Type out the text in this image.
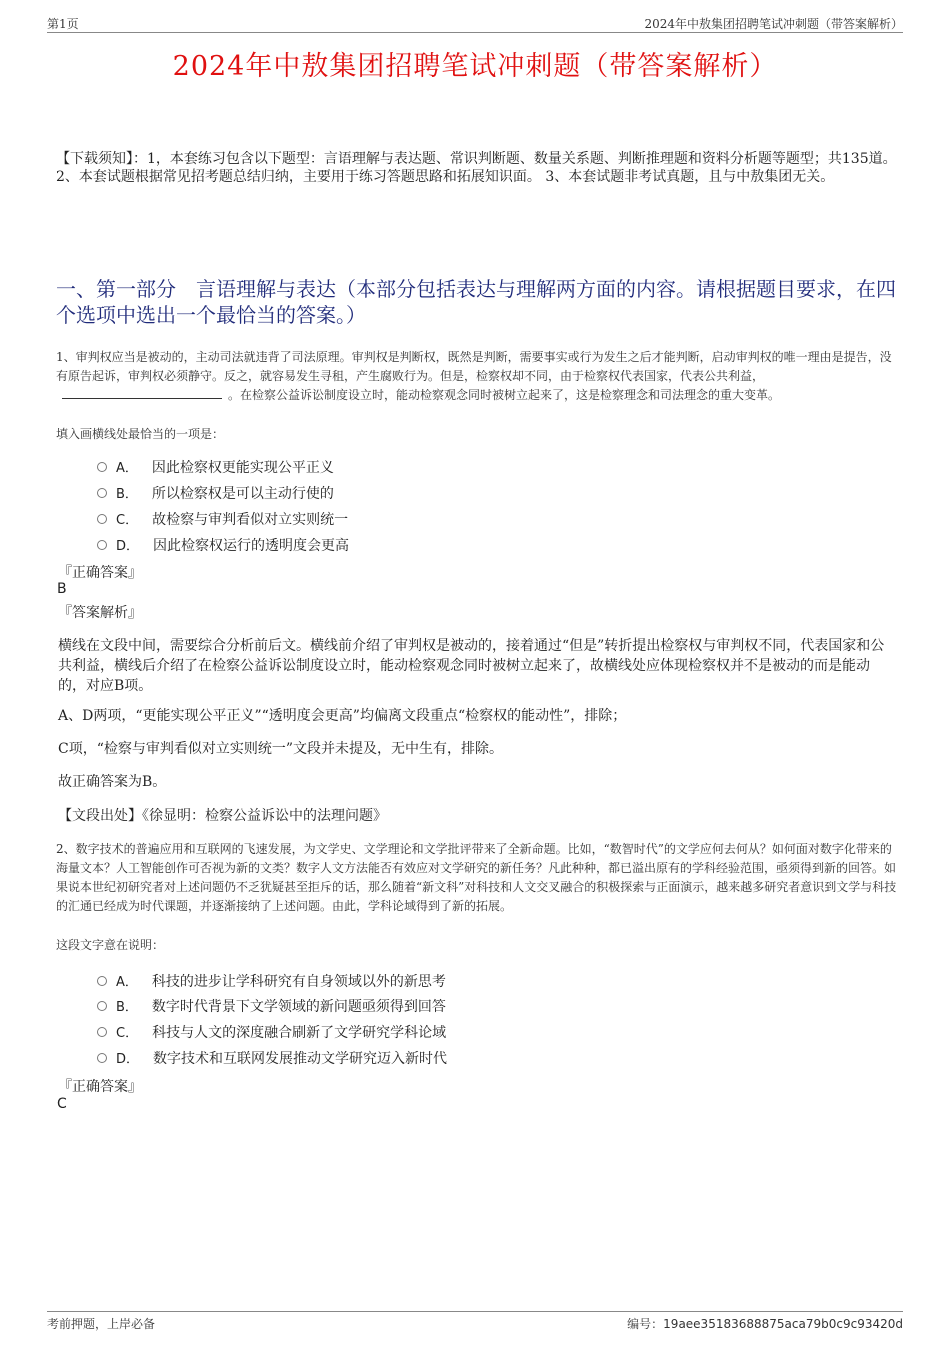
第1页	2024年中敖集团招聘笔试冲刺题（带答案解析）
2024年中敖集团招聘笔试冲刺题（带答案解析）
【下载须知】：1，本套练习包含以下题型：言语理解与表达题、常识判断题、数量关系题、判断推理题和资料分析题等题型；共135道。 2、本套试题根据常见招考题总结归纳，主要用于练习答题思路和拓展知识面。 3、本套试题非考试真题，且与中敖集团无关。
一、第一部分　言语理解与表达（本部分包括表达与理解两方面的内容。请根据题目要求，在四个选项中选出一个最恰当的答案。）
1、审判权应当是被动的，主动司法就违背了司法原理。审判权是判断权，既然是判断，需要事实或行为发生之后才能判断，启动审判权的唯一理由是提告，没有原告起诉，审判权必须静守。反之，就容易发生寻租，产生腐败行为。但是，检察权却不同，由于检察权代表国家，代表公共利益，。在检察公益诉讼制度设立时，能动检察观念同时被树立起来了，这是检察理念和司法理念的重大变革。
填入画横线处最恰当的一项是：
A． 因此检察权更能实现公平正义
B． 所以检察权是可以主动行使的
C． 故检察与审判看似对立实则统一
D． 因此检察权运行的透明度会更高
『正确答案』
B
『答案解析』
横线在文段中间，需要综合分析前后文。横线前介绍了审判权是被动的，接着通过“但是”转折提出检察权与审判权不同，代表国家和公共利益，横线后介绍了在检察公益诉讼制度设立时，能动检察观念同时被树立起来了，故横线处应体现检察权并不是被动的而是能动的，对应B项。
A、D两项，“更能实现公平正义”“透明度会更高”均偏离文段重点“检察权的能动性”，排除；
C项，“检察与审判看似对立实则统一”文段并未提及，无中生有，排除。
故正确答案为B。
【文段出处】《徐显明：检察公益诉讼中的法理问题》
2、数字技术的普遍应用和互联网的飞速发展，为文学史、文学理论和文学批评带来了全新命题。比如，“数智时代”的文学应何去何从？如何面对数字化带来的海量文本？人工智能创作可否视为新的文类？数字人文方法能否有效应对文学研究的新任务？凡此种种，都已溢出原有的学科经验范围，亟须得到新的回答。如果说本世纪初研究者对上述问题仍不乏犹疑甚至拒斥的话，那么随着“新文科”对科技和人文交叉融合的积极探索与正面演示，越来越多研究者意识到文学与科技的汇通已经成为时代课题，并逐渐接纳了上述问题。由此，学科论域得到了新的拓展。
这段文字意在说明：
A． 科技的进步让学科研究有自身领域以外的新思考
B． 数字时代背景下文学领域的新问题亟须得到回答
C． 科技与人文的深度融合刷新了文学研究学科论域
D． 数字技术和互联网发展推动文学研究迈入新时代
『正确答案』
C
考前押题，上岸必备	编号：19aee35183688875aca79b0c9c93420d
